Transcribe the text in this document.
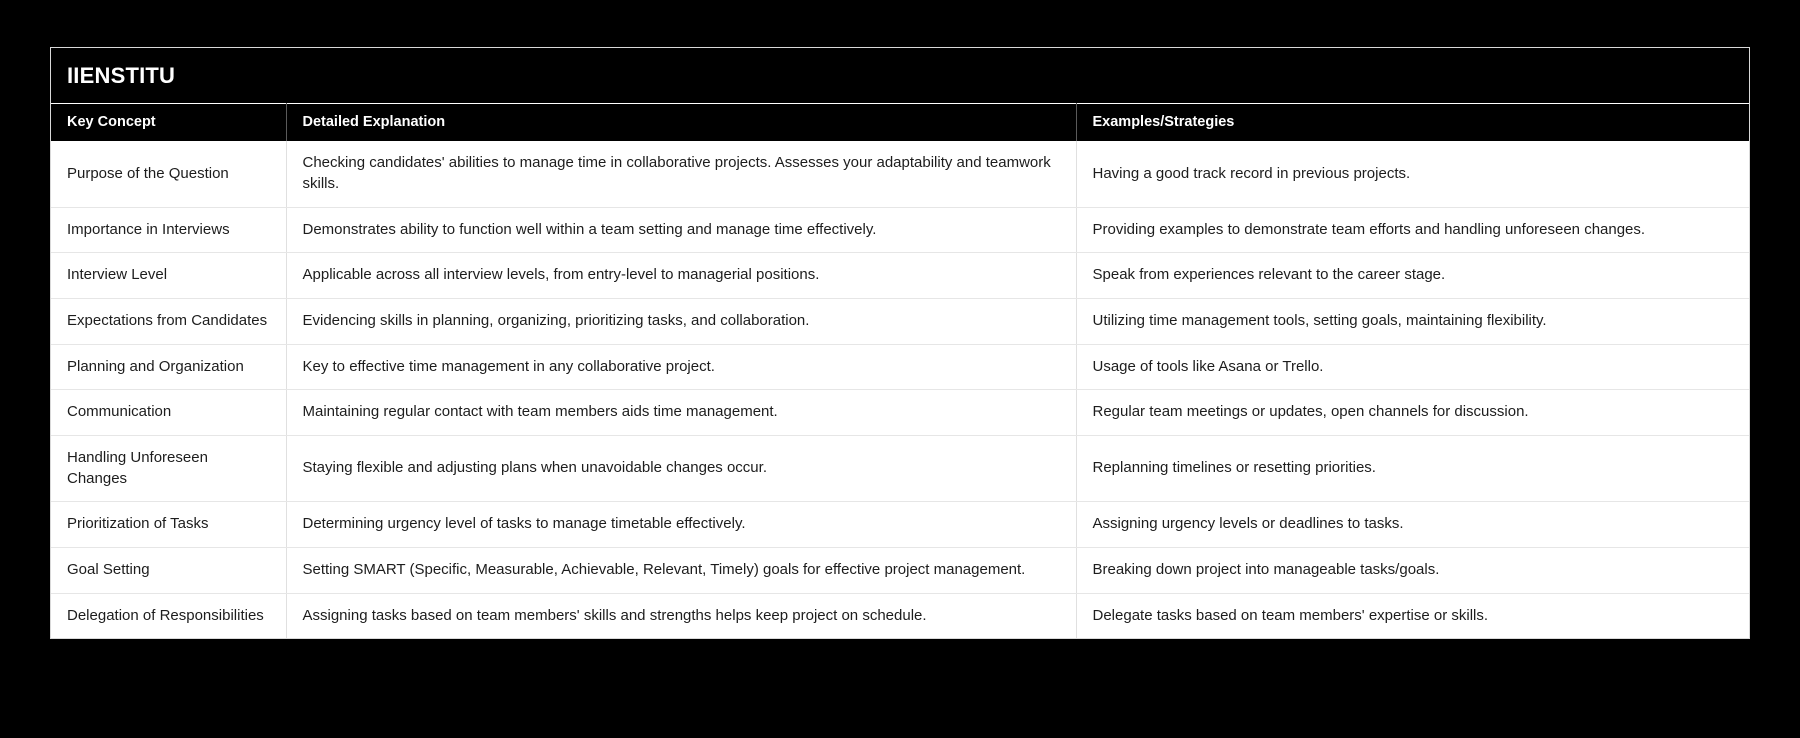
IIENSTITU
Key Concept	Detailed Explanation	Examples/Strategies
Purpose of the Question	Checking candidates' abilities to manage time in collaborative projects. Assesses your adaptability and teamwork skills.	Having a good track record in previous projects.
Importance in Interviews	Demonstrates ability to function well within a team setting and manage time effectively.	Providing examples to demonstrate team efforts and handling unforeseen changes.
Interview Level	Applicable across all interview levels, from entry-level to managerial positions.	Speak from experiences relevant to the career stage.
Expectations from Candidates	Evidencing skills in planning, organizing, prioritizing tasks, and collaboration.	Utilizing time management tools, setting goals, maintaining flexibility.
Planning and Organization	Key to effective time management in any collaborative project.	Usage of tools like Asana or Trello.
Communication	Maintaining regular contact with team members aids time management.	Regular team meetings or updates, open channels for discussion.
Handling Unforeseen Changes	Staying flexible and adjusting plans when unavoidable changes occur.	Replanning timelines or resetting priorities.
Prioritization of Tasks	Determining urgency level of tasks to manage timetable effectively.	Assigning urgency levels or deadlines to tasks.
Goal Setting	Setting SMART (Specific, Measurable, Achievable, Relevant, Timely) goals for effective project management.	Breaking down project into manageable tasks/goals.
Delegation of Responsibilities	Assigning tasks based on team members' skills and strengths helps keep project on schedule.	Delegate tasks based on team members' expertise or skills.
